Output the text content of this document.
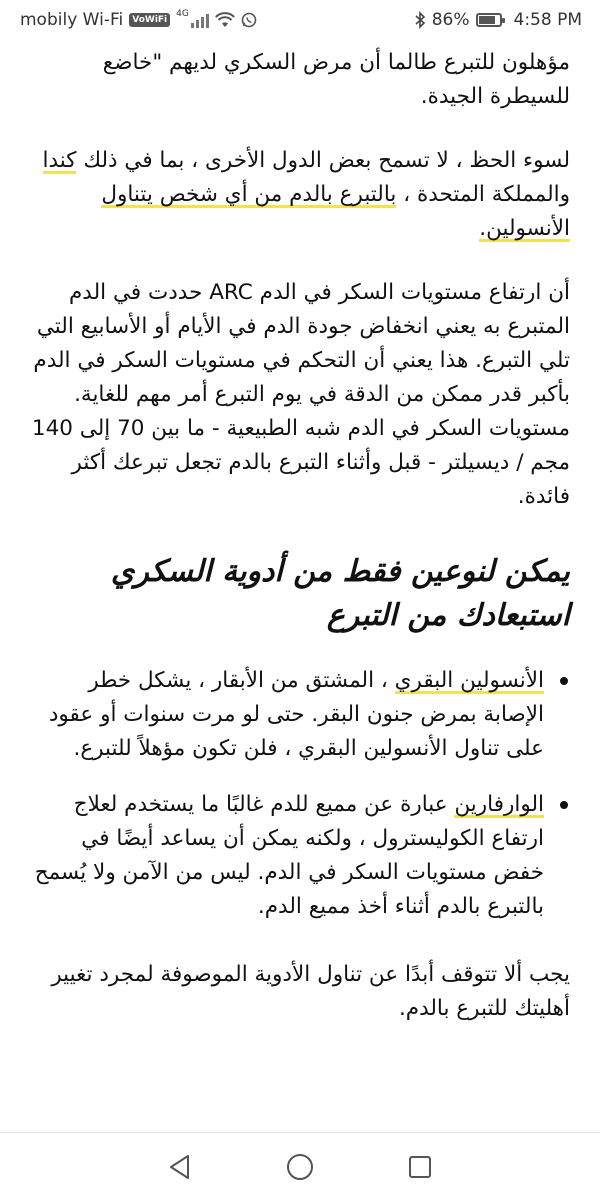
mobily Wi-Fi	VoWiFi
4G	86%	4:58 PM

مؤهلون للتبرع طالما أن مرض السكري لديهم "خاضع للسيطرة الجيدة.

لسوء الحظ ، لا تسمح بعض الدول الأخرى ، بما في ذلك كندا والمملكة المتحدة ، بالتبرع بالدم من أي شخص يتناول الأنسولين.

أن ارتفاع مستويات السكر في الدم ARC حددت في الدم المتبرع به يعني انخفاض جودة الدم في الأيام أو الأسابيع التي تلي التبرع. هذا يعني أن التحكم في مستويات السكر في الدم بأكبر قدر ممكن من الدقة في يوم التبرع أمر مهم للغاية. مستويات السكر في الدم شبه الطبيعية - ما بين 70 إلى 140 مجم / ديسيلتر - قبل وأثناء التبرع بالدم تجعل تبرعك أكثر فائدة.

يمكن لنوعين فقط من أدوية السكري استبعادك من التبرع
الأنسولين البقري ، المشتق من الأبقار ، يشكل خطر الإصابة بمرض جنون البقر. حتى لو مرت سنوات أو عقود على تناول الأنسولين البقري ، فلن تكون مؤهلاً للتبرع.
الوارفارين عبارة عن مميع للدم غالبًا ما يستخدم لعلاج ارتفاع الكوليسترول ، ولكنه يمكن أن يساعد أيضًا في خفض مستويات السكر في الدم. ليس من الآمن ولا يُسمح بالتبرع بالدم أثناء أخذ مميع الدم.

يجب ألا تتوقف أبدًا عن تناول الأدوية الموصوفة لمجرد تغيير أهليتك للتبرع بالدم.
